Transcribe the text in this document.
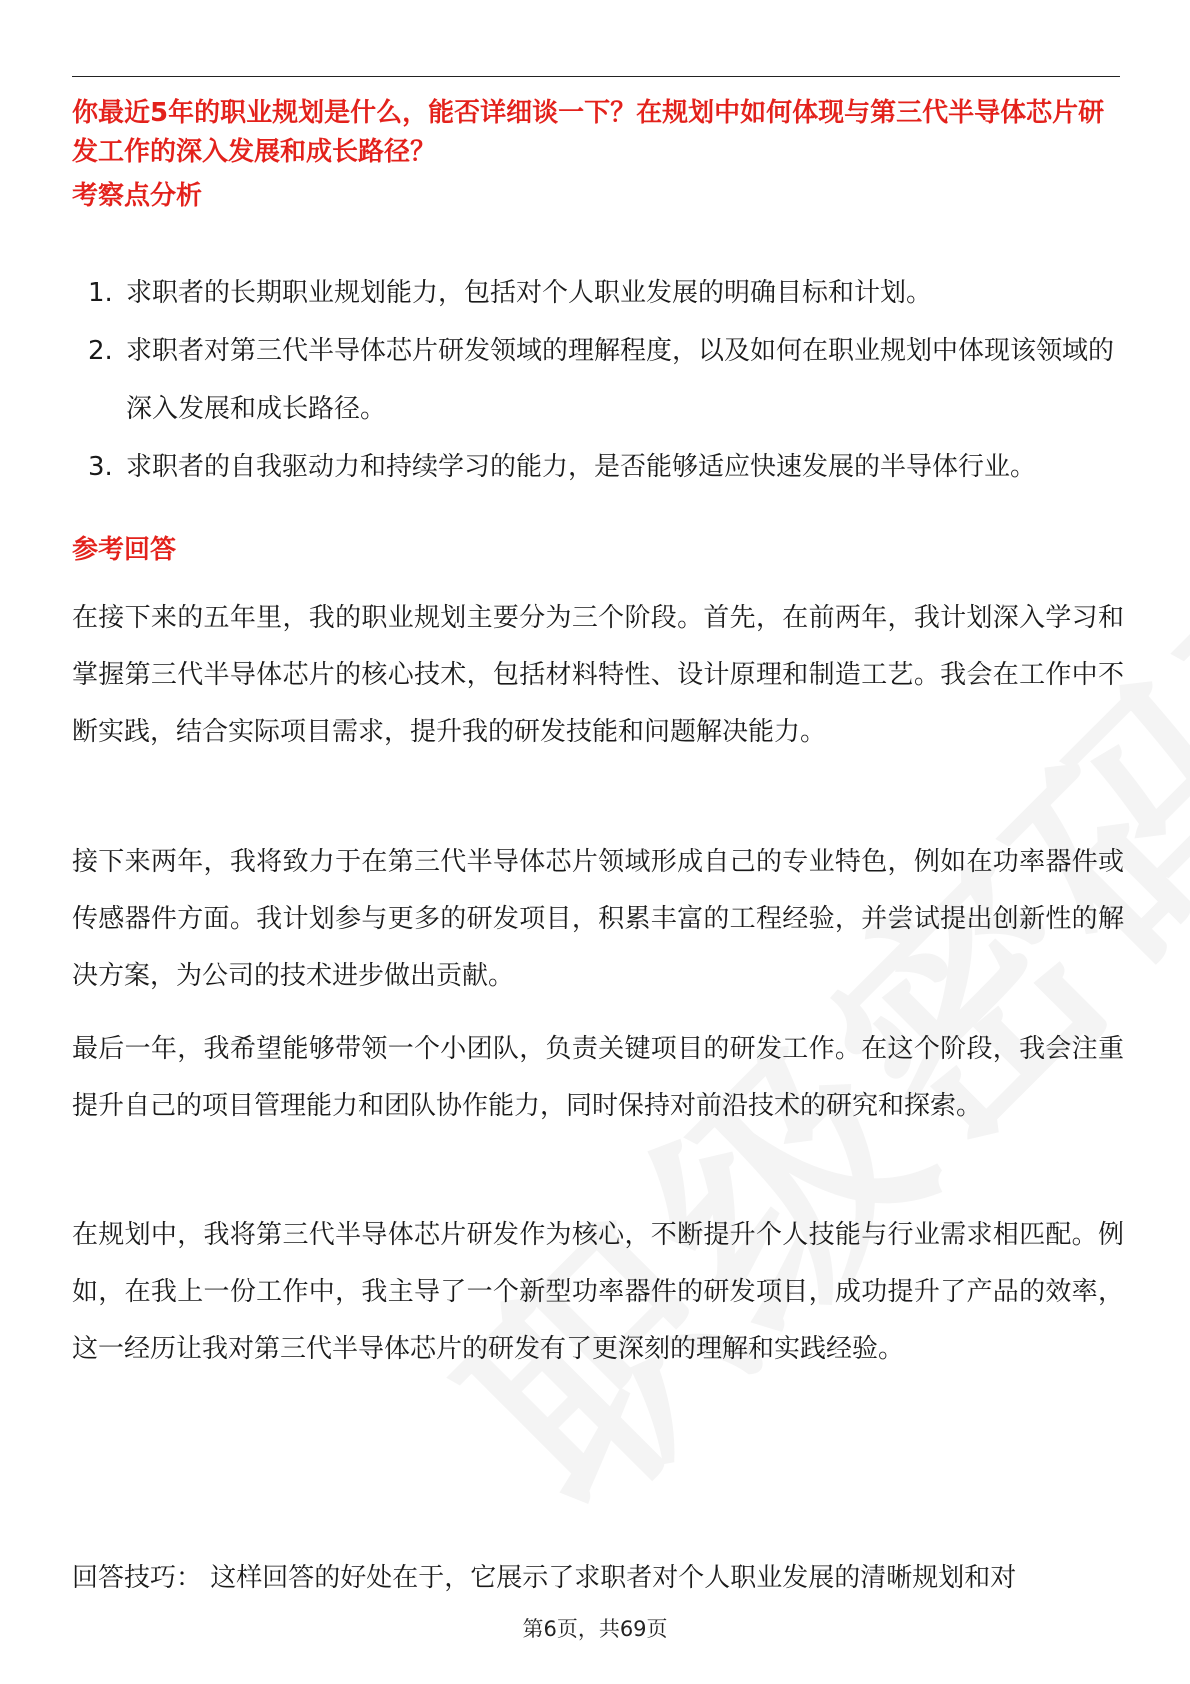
你最近5年的职业规划是什么，能否详细谈一下？在规划中如何体现与第三代半导体芯片研发工作的深入发展和成长路径？

考察点分析
1. 求职者的长期职业规划能力，包括对个人职业发展的明确目标和计划。
2. 求职者对第三代半导体芯片研发领域的理解程度，以及如何在职业规划中体现该领域的深入发展和成长路径。
3. 求职者的自我驱动力和持续学习的能力，是否能够适应快速发展的半导体行业。
参考回答

在接下来的五年里，我的职业规划主要分为三个阶段。首先，在前两年，我计划深入学习和掌握第三代半导体芯片的核心技术，包括材料特性、设计原理和制造工艺。我会在工作中不断实践，结合实际项目需求，提升我的研发技能和问题解决能力。

接下来两年，我将致力于在第三代半导体芯片领域形成自己的专业特色，例如在功率器件或传感器件方面。我计划参与更多的研发项目，积累丰富的工程经验，并尝试提出创新性的解决方案，为公司的技术进步做出贡献。

最后一年，我希望能够带领一个小团队，负责关键项目的研发工作。在这个阶段，我会注重提升自己的项目管理能力和团队协作能力，同时保持对前沿技术的研究和探索。

在规划中，我将第三代半导体芯片研发作为核心，不断提升个人技能与行业需求相匹配。例如，在我上一份工作中，我主导了一个新型功率器件的研发项目，成功提升了产品的效率，这一经历让我对第三代半导体芯片的研发有了更深刻的理解和实践经验。

回答技巧： 这样回答的好处在于，它展示了求职者对个人职业发展的清晰规划和对

第6页，共69页
